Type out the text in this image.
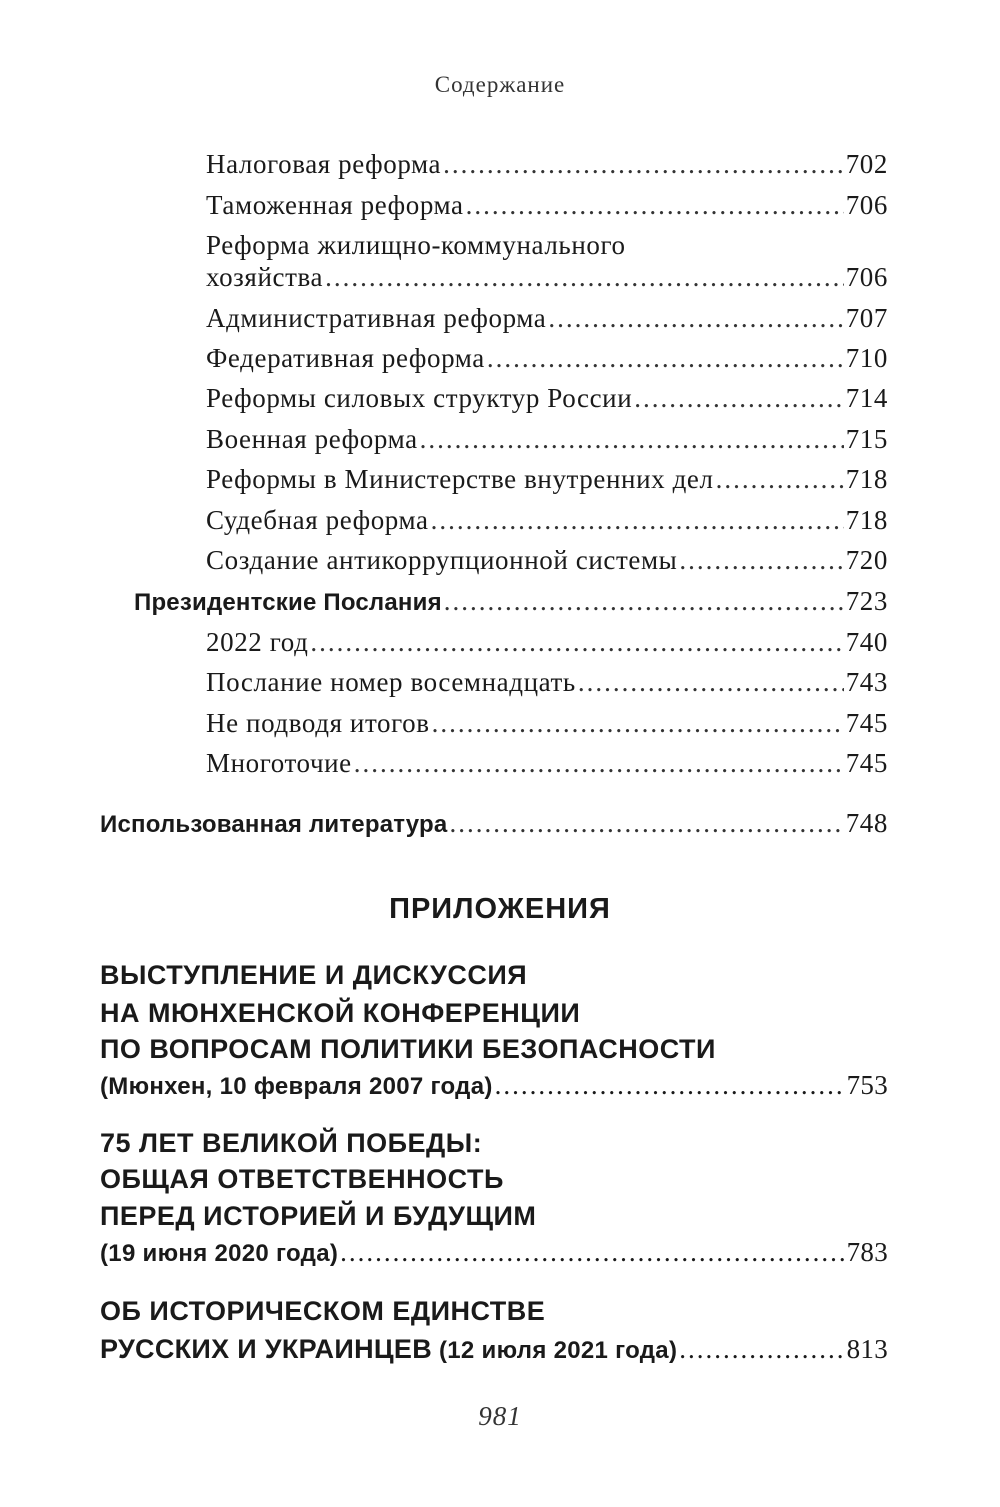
Содержание
Налоговая реформа .....	702
Таможенная реформа .....	706
Реформа жилищно-коммунального
хозяйства .....	706
Административная реформа .....	707
Федеративная реформа .....	710
Реформы силовых структур России .....	714
Военная реформа .....	715
Реформы в Министерстве внутренних дел .....	718
Судебная реформа .....	718
Создание антикоррупционной системы .....	720
Президентские Послания .....	723
2022 год .....	740
Послание номер восемнадцать .....	743
Не подводя итогов .....	745
Многоточие .....	745
Использованная литература .....	748
ПРИЛОЖЕНИЯ
ВЫСТУПЛЕНИЕ И ДИСКУССИЯ
НА МЮНХЕНСКОЙ КОНФЕРЕНЦИИ
ПО ВОПРОСАМ ПОЛИТИКИ БЕЗОПАСНОСТИ
(Мюнхен, 10 февраля 2007 года) .....	753
75 ЛЕТ ВЕЛИКОЙ ПОБЕДЫ:
ОБЩАЯ ОТВЕТСТВЕННОСТЬ
ПЕРЕД ИСТОРИЕЙ И БУДУЩИМ
(19 июня 2020 года) .....	783
ОБ ИСТОРИЧЕСКОМ ЕДИНСТВЕ
РУССКИХ И УКРАИНЦЕВ
(12 июля 2021 года) .....	813
981
